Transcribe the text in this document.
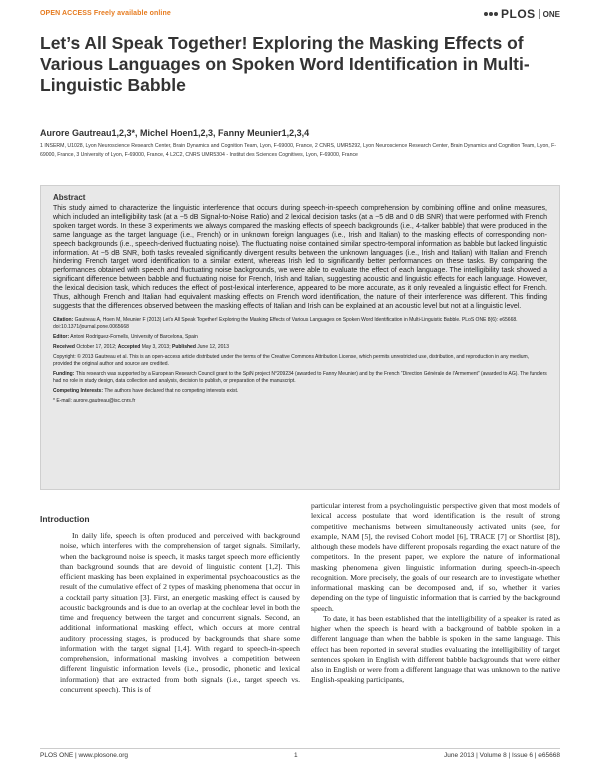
OPEN ACCESS Freely available online	PLOS ONE
Let’s All Speak Together! Exploring the Masking Effects of Various Languages on Spoken Word Identification in Multi-Linguistic Babble
Aurore Gautreau1,2,3*, Michel Hoen1,2,3, Fanny Meunier1,2,3,4
1 INSERM, U1028, Lyon Neuroscience Research Center, Brain Dynamics and Cognition Team, Lyon, F-69000, France, 2 CNRS, UMR5292, Lyon Neuroscience Research Center, Brain Dynamics and Cognition Team, Lyon, F-69000, France, 3 University of Lyon, F-69000, France, 4 L2C2, CNRS UMR5304 - Institut des Sciences Cognitives, Lyon, F-69000, France
Abstract
This study aimed to characterize the linguistic interference that occurs during speech-in-speech comprehension by combining offline and online measures, which included an intelligibility task (at a −5 dB Signal-to-Noise Ratio) and 2 lexical decision tasks (at a −5 dB and 0 dB SNR) that were performed with French spoken target words. In these 3 experiments we always compared the masking effects of speech backgrounds (i.e., 4-talker babble) that were produced in the same language as the target language (i.e., French) or in unknown foreign languages (i.e., Irish and Italian) to the masking effects of corresponding non-speech backgrounds (i.e., speech-derived fluctuating noise). The fluctuating noise contained similar spectro-temporal information as babble but lacked linguistic information. At −5 dB SNR, both tasks revealed significantly divergent results between the unknown languages (i.e., Irish and Italian) with Italian and French hindering French target word identification to a similar extent, whereas Irish led to significantly better performances on these tasks. By comparing the performances obtained with speech and fluctuating noise backgrounds, we were able to evaluate the effect of each language. The intelligibility task showed a significant difference between babble and fluctuating noise for French, Irish and Italian, suggesting acoustic and linguistic effects for each language. However, the lexical decision task, which reduces the effect of post-lexical interference, appeared to be more accurate, as it only revealed a linguistic effect for French. Thus, although French and Italian had equivalent masking effects on French word identification, the nature of their interference was different. This finding suggests that the differences observed between the masking effects of Italian and Irish can be explained at an acoustic level but not at a linguistic level.
Citation: Gautreau A, Hoen M, Meunier F (2013) Let’s All Speak Together! Exploring the Masking Effects of Various Languages on Spoken Word Identification in Multi-Linguistic Babble. PLoS ONE 8(6): e65668. doi:10.1371/journal.pone.0065668
Editor: Antoni Rodriguez-Fornells, University of Barcelona, Spain
Received October 17, 2012; Accepted May 3, 2013; Published June 12, 2013
Copyright: © 2013 Gautreau et al. This is an open-access article distributed under the terms of the Creative Commons Attribution License, which permits unrestricted use, distribution, and reproduction in any medium, provided the original author and source are credited.
Funding: This research was supported by a European Research Council grant to the SpiN project N°209234 (awarded to Fanny Meunier) and by the French “Direction Générale de l’Armement” (awarded to AG). The funders had no role in study design, data collection and analysis, decision to publish, or preparation of the manuscript.
Competing Interests: The authors have declared that no competing interests exist.
* E-mail: aurore.gautreau@isc.cnrs.fr
Introduction

In daily life, speech is often produced and perceived with background noise, which interferes with the comprehension of target signals. Similarly, when the background noise is speech, it masks target speech more efficiently than background sounds that are devoid of linguistic content [1,2]. This efficient masking has been explained in experimental psychoacoustics as the result of the cumulative effect of 2 types of masking phenomena that occur in a cocktail party situation [3]. First, an energetic masking effect is caused by acoustic backgrounds and is due to an overlap at the cochlear level in both the time and frequency between the target and concurrent signals. Second, an additional informational masking effect, which occurs at more central auditory processing stages, is produced by backgrounds that share some information with the target signal [1,4]. With regard to speech-in-speech comprehension, informational masking involves a competition between different linguistic information levels (i.e., prosodic, phonetic and lexical information) that are extracted from both signals (i.e., target speech vs. concurrent speech). This is of

particular interest from a psycholinguistic perspective given that most models of lexical access postulate that word identification is the result of strong competitive mechanisms between simultaneously activated units (see, for example, NAM [5], the revised Cohort model [6], TRACE [7] or Shortlist [8]), although these models have different proposals regarding the exact nature of the competitors. In the present paper, we explore the nature of informational masking phenomena given linguistic information during speech-in-speech recognition. More precisely, the goals of our research are to investigate whether informational masking can be decomposed and, if so, whether it varies depending on the type of linguistic information that is carried by the background speech.

To date, it has been established that the intelligibility of a speaker is rated as higher when the speech is heard with a background of babble spoken in a different language than when the babble is spoken in the same language. This effect has been reported in several studies evaluating the intelligibility of target sentences spoken in English with different babble backgrounds that were either also in English or were from a different language that was unknown to the native English-speaking participants,

PLOS ONE | www.plosone.org	1	June 2013 | Volume 8 | Issue 6 | e65668
